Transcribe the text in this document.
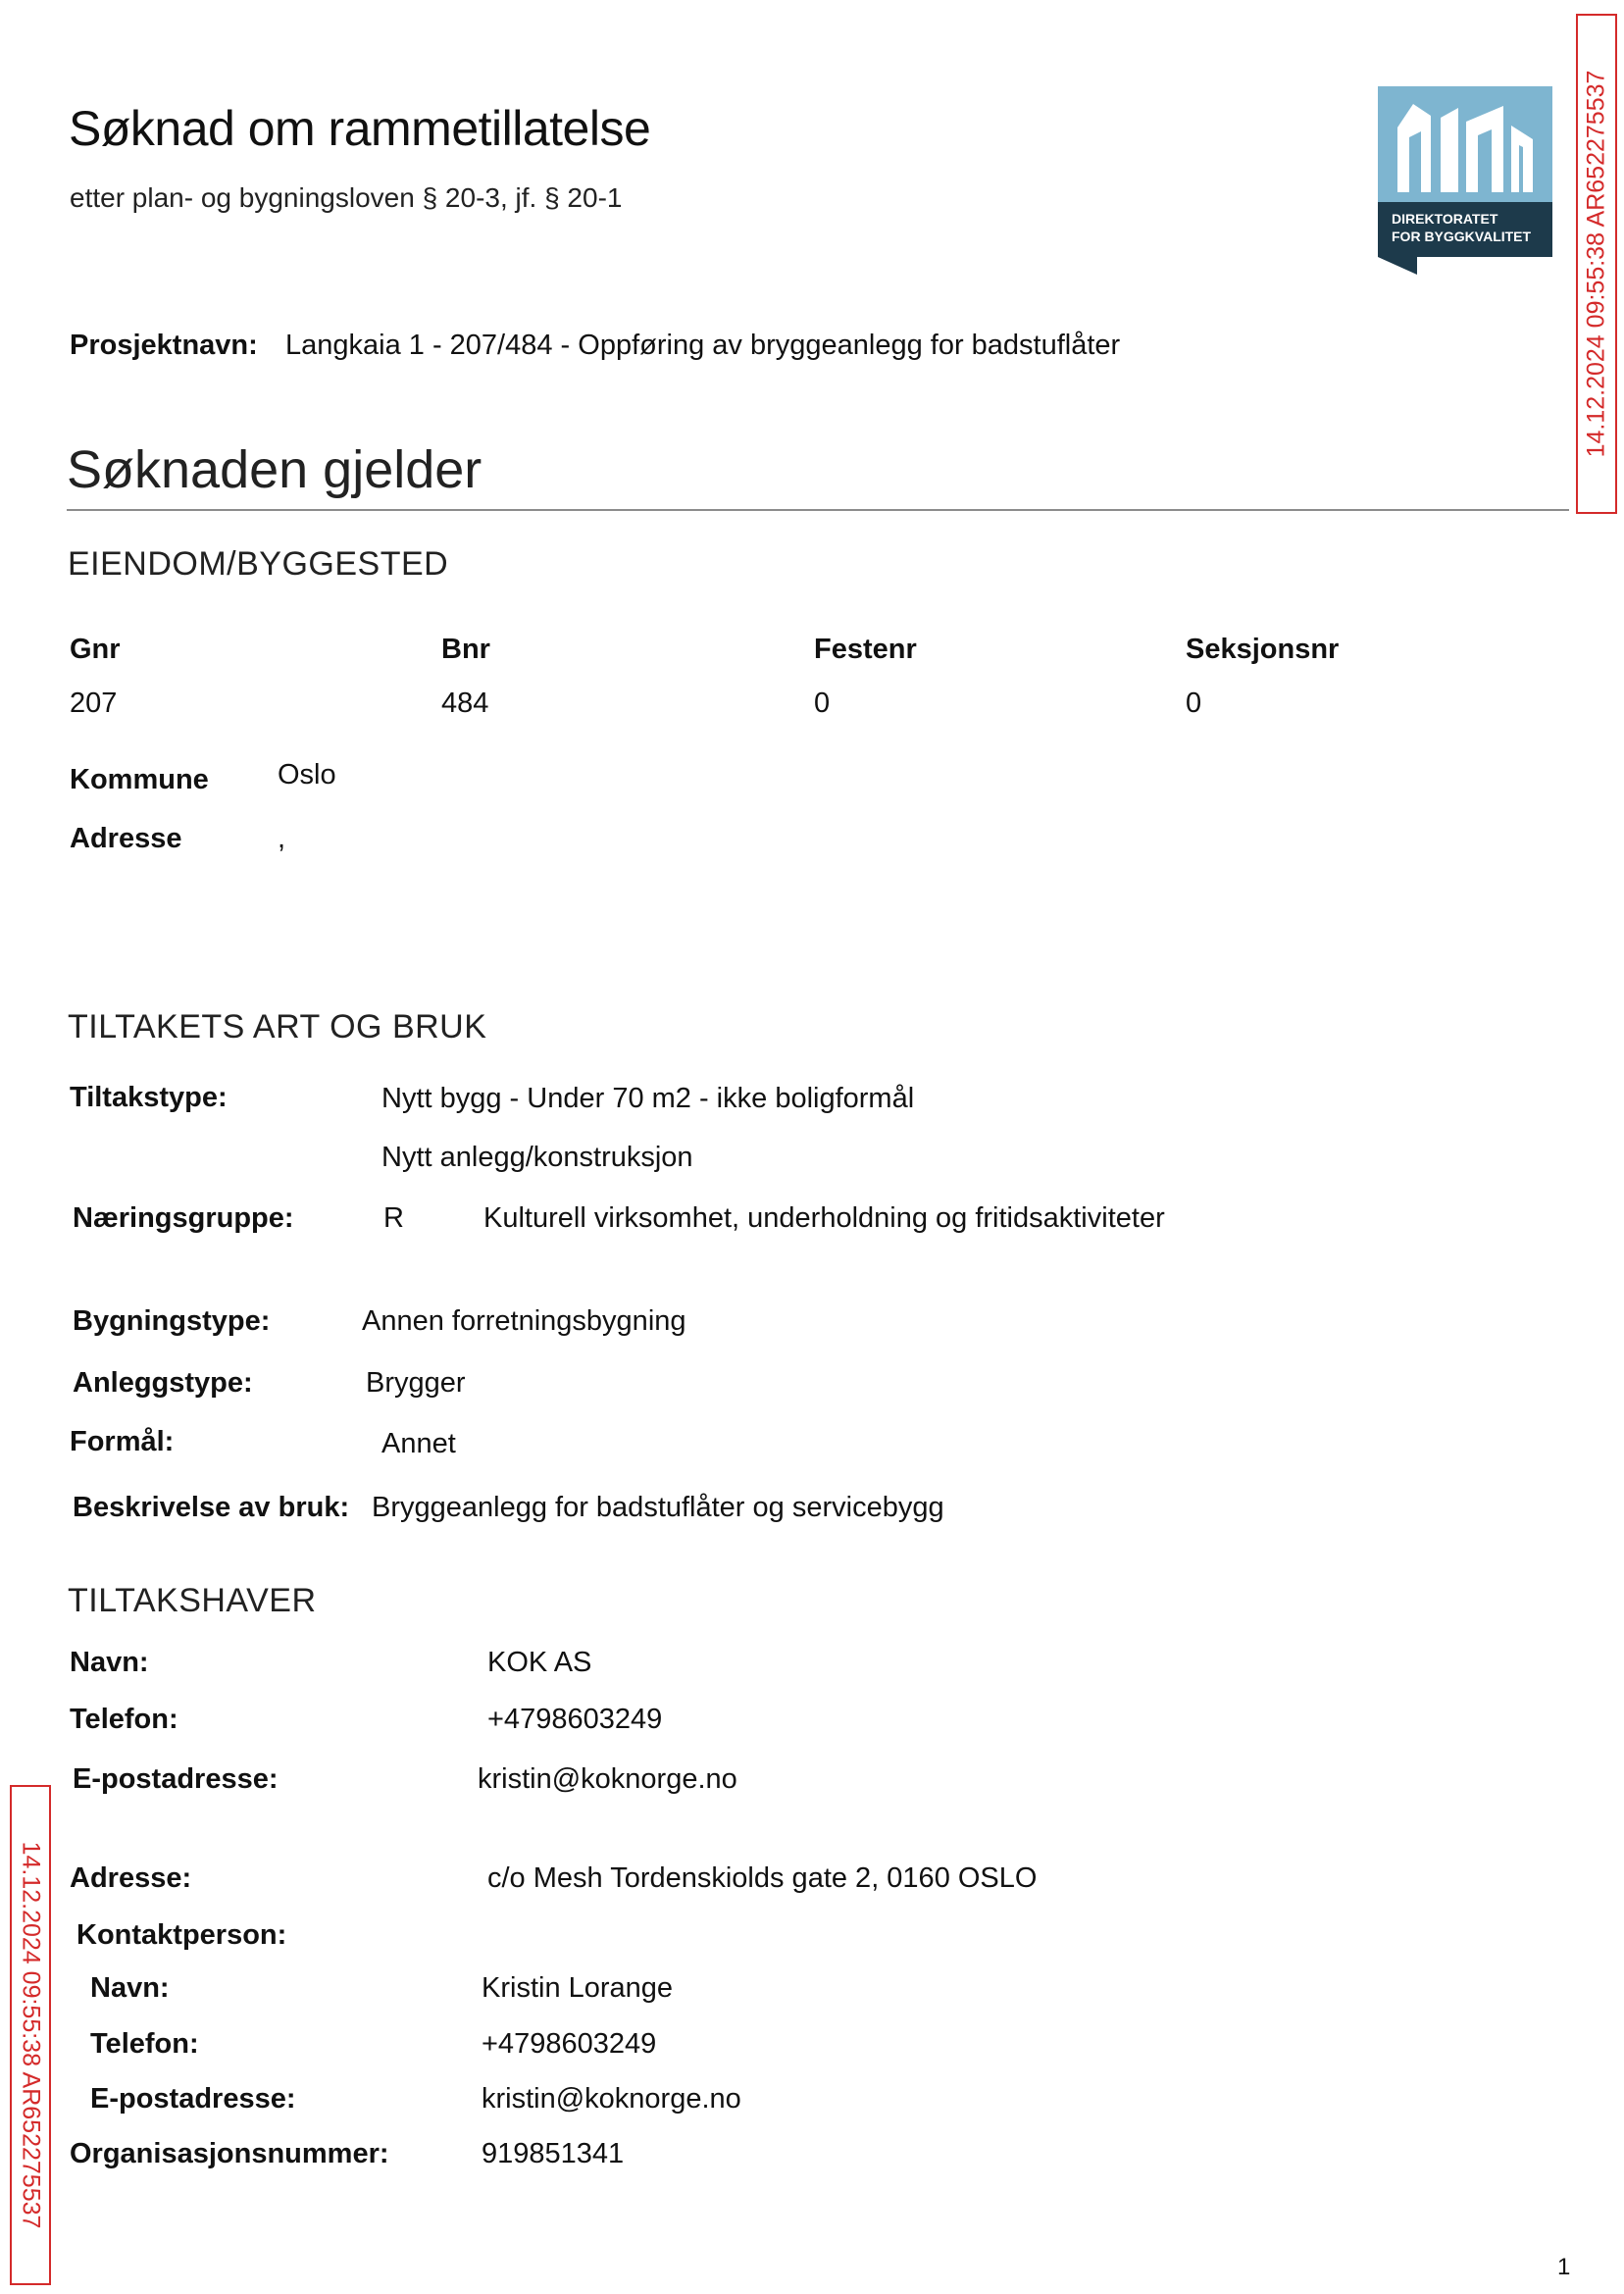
Søknad om rammetillatelse
etter plan- og bygningsloven § 20-3, jf. § 20-1
DIREKTORATET
FOR BYGGKVALITET 14.12.2024 09:55:38 AR652275537
14.12.2024 09:55:38 AR652275537
Prosjektnavn: Langkaia 1 - 207/484 - Oppføring av bryggeanlegg for badstuflåter
Søknaden gjelder
EIENDOM/BYGGESTED
Gnr	Bnr	Festenr	Seksjonsnr
207	484	0	0
Kommune Oslo
Adresse	,
TILTAKETS ART OG BRUK
Tiltakstype:	Nytt bygg - Under 70 m2 - ikke boligformål
Nytt anlegg/konstruksjon
Næringsgruppe:	R	Kulturell virksomhet, underholdning og fritidsaktiviteter
Bygningstype:	Annen forretningsbygning
Anleggstype:	Brygger
Formål:	Annet
Beskrivelse av bruk: Bryggeanlegg for badstuflåter og servicebygg
TILTAKSHAVER
Navn:	KOK AS
Telefon:	+4798603249
E-postadresse:	kristin@koknorge.no
Adresse:	c/o Mesh Tordenskiolds gate 2, 0160 OSLO
Kontaktperson:
Navn:	Kristin Lorange
Telefon:	+4798603249
E-postadresse:	kristin@koknorge.no
Organisasjonsnummer:	919851341
1
